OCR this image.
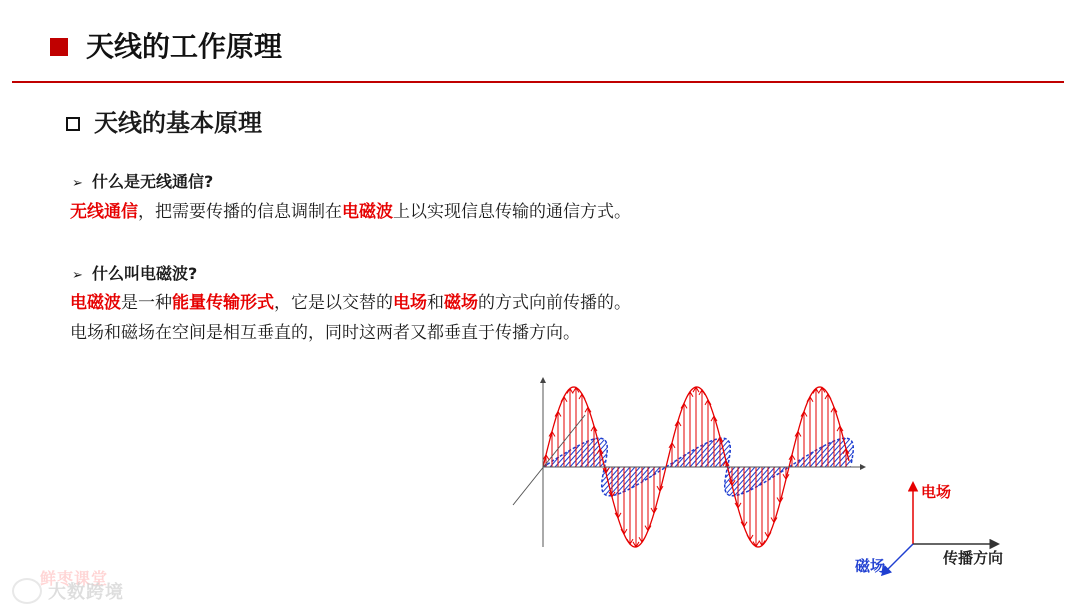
天线的工作原理
天线的基本原理
➢ 什么是无线通信?
无线通信，把需要传播的信息调制在电磁波上以实现信息传输的通信方式。
➢ 什么叫电磁波?
电磁波是一种能量传输形式，它是以交替的电场和磁场的方式向前传播的。
电场和磁场在空间是相互垂直的，同时这两者又都垂直于传播方向。
电场
传播方向
磁场
鲜枣课堂
大数跨境
